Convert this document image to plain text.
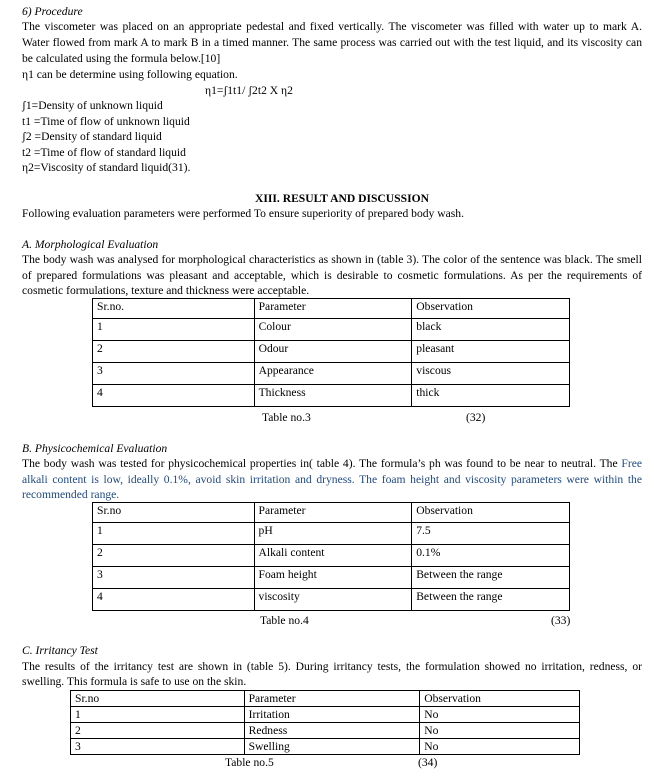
6) Procedure
The viscometer was placed on an appropriate pedestal and fixed vertically. The viscometer was filled with water up to mark A.
Water flowed from mark A to mark B in a timed manner. The same process was carried out with the test liquid, and its viscosity can
be calculated using the formula below.[10]
η1 can be determine using following equation.
η1=ʃ1t1/ ʃ2t2 X η2
ʃ1=Density of unknown liquid
t1 =Time of flow of unknown liquid
ʃ2 =Density of standard liquid
t2 =Time of flow of standard liquid
η2=Viscosity of standard liquid(31).
XIII. RESULT AND DISCUSSION
Following evaluation parameters were performed To ensure superiority of prepared body wash.
A. Morphological Evaluation
The body wash was analysed for morphological characteristics as shown in (table 3). The color of the sentence was black. The smell
of prepared formulations was pleasant and acceptable, which is desirable to cosmetic formulations. As per the requirements of
cosmetic formulations, texture and thickness were acceptable.
Sr.no.	Parameter	Observation
1	Colour	black
2	Odour	pleasant
3	Appearance	viscous
4	Thickness	thick
Table no.3	(32)
B. Physicochemical Evaluation
The body wash was tested for physicochemical properties in( table 4). The formula’s ph was found to be near to neutral. The Free
alkali content is low, ideally 0.1%, avoid skin irritation and dryness. The foam height and viscosity parameters were within the
recommended range.
Sr.no	Parameter	Observation
1	pH	7.5
2	Alkali content	0.1%
3	Foam height	Between the range
4	viscosity	Between the range
Table no.4	(33)
C. Irritancy Test
The results of the irritancy test are shown in (table 5). During irritancy tests, the formulation showed no irritation, redness, or
swelling. This formula is safe to use on the skin.
Sr.no	Parameter	Observation
1	Irritation	No
2	Redness	No
3	Swelling	No
Table no.5	(34)
